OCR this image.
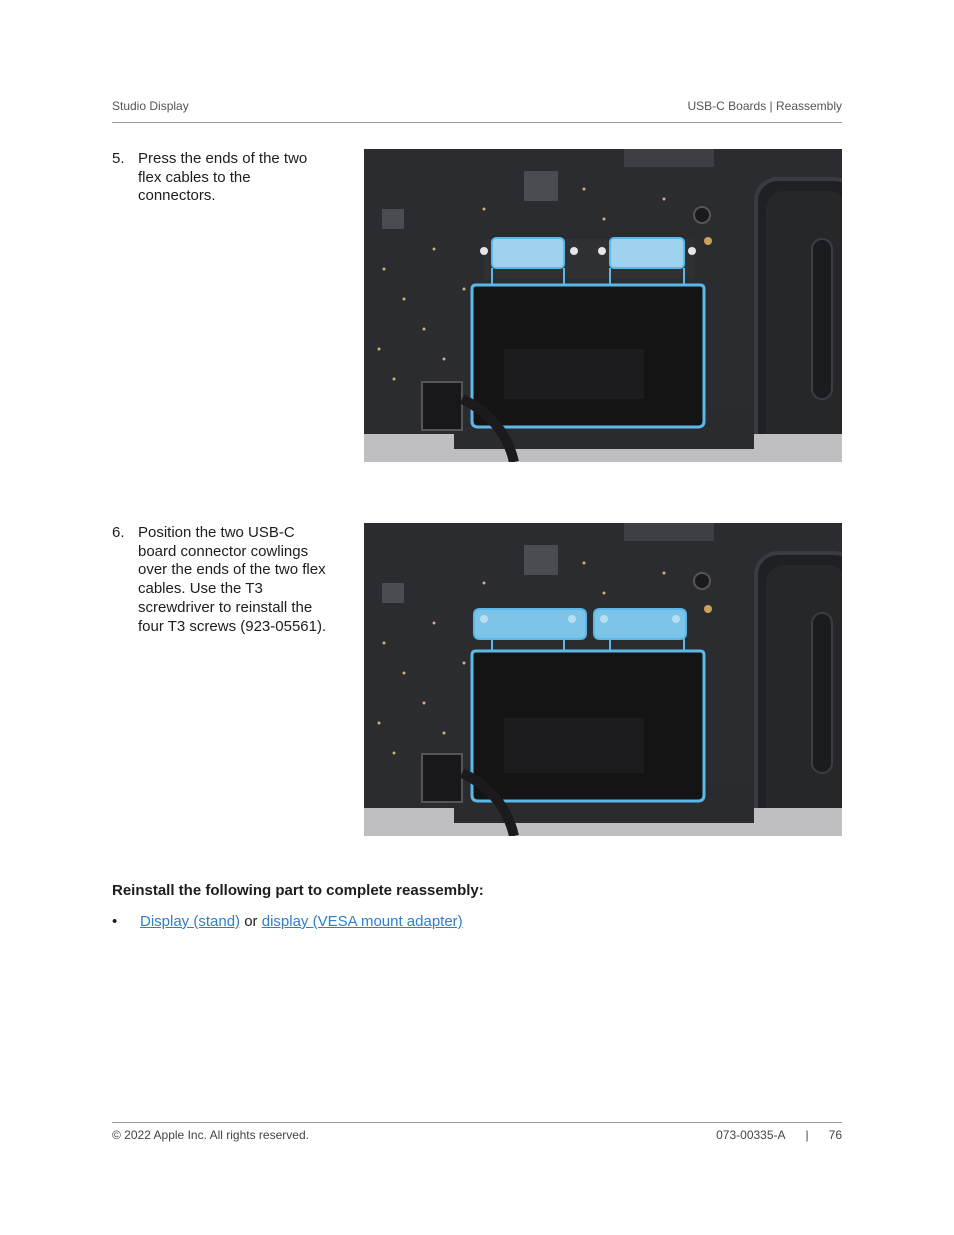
Studio Display	USB-C Boards | Reassembly
5. Press the ends of the two flex cables to the connectors.
6. Position the two USB-C board connector cowlings over the ends of the two flex cables. Use the T3 screwdriver to reinstall the four T3 screws (923-05561).
Reinstall the following part to complete reassembly:
• Display (stand) or display (VESA mount adapter)
© 2022 Apple Inc. All rights reserved.	073-00335-A | 76
